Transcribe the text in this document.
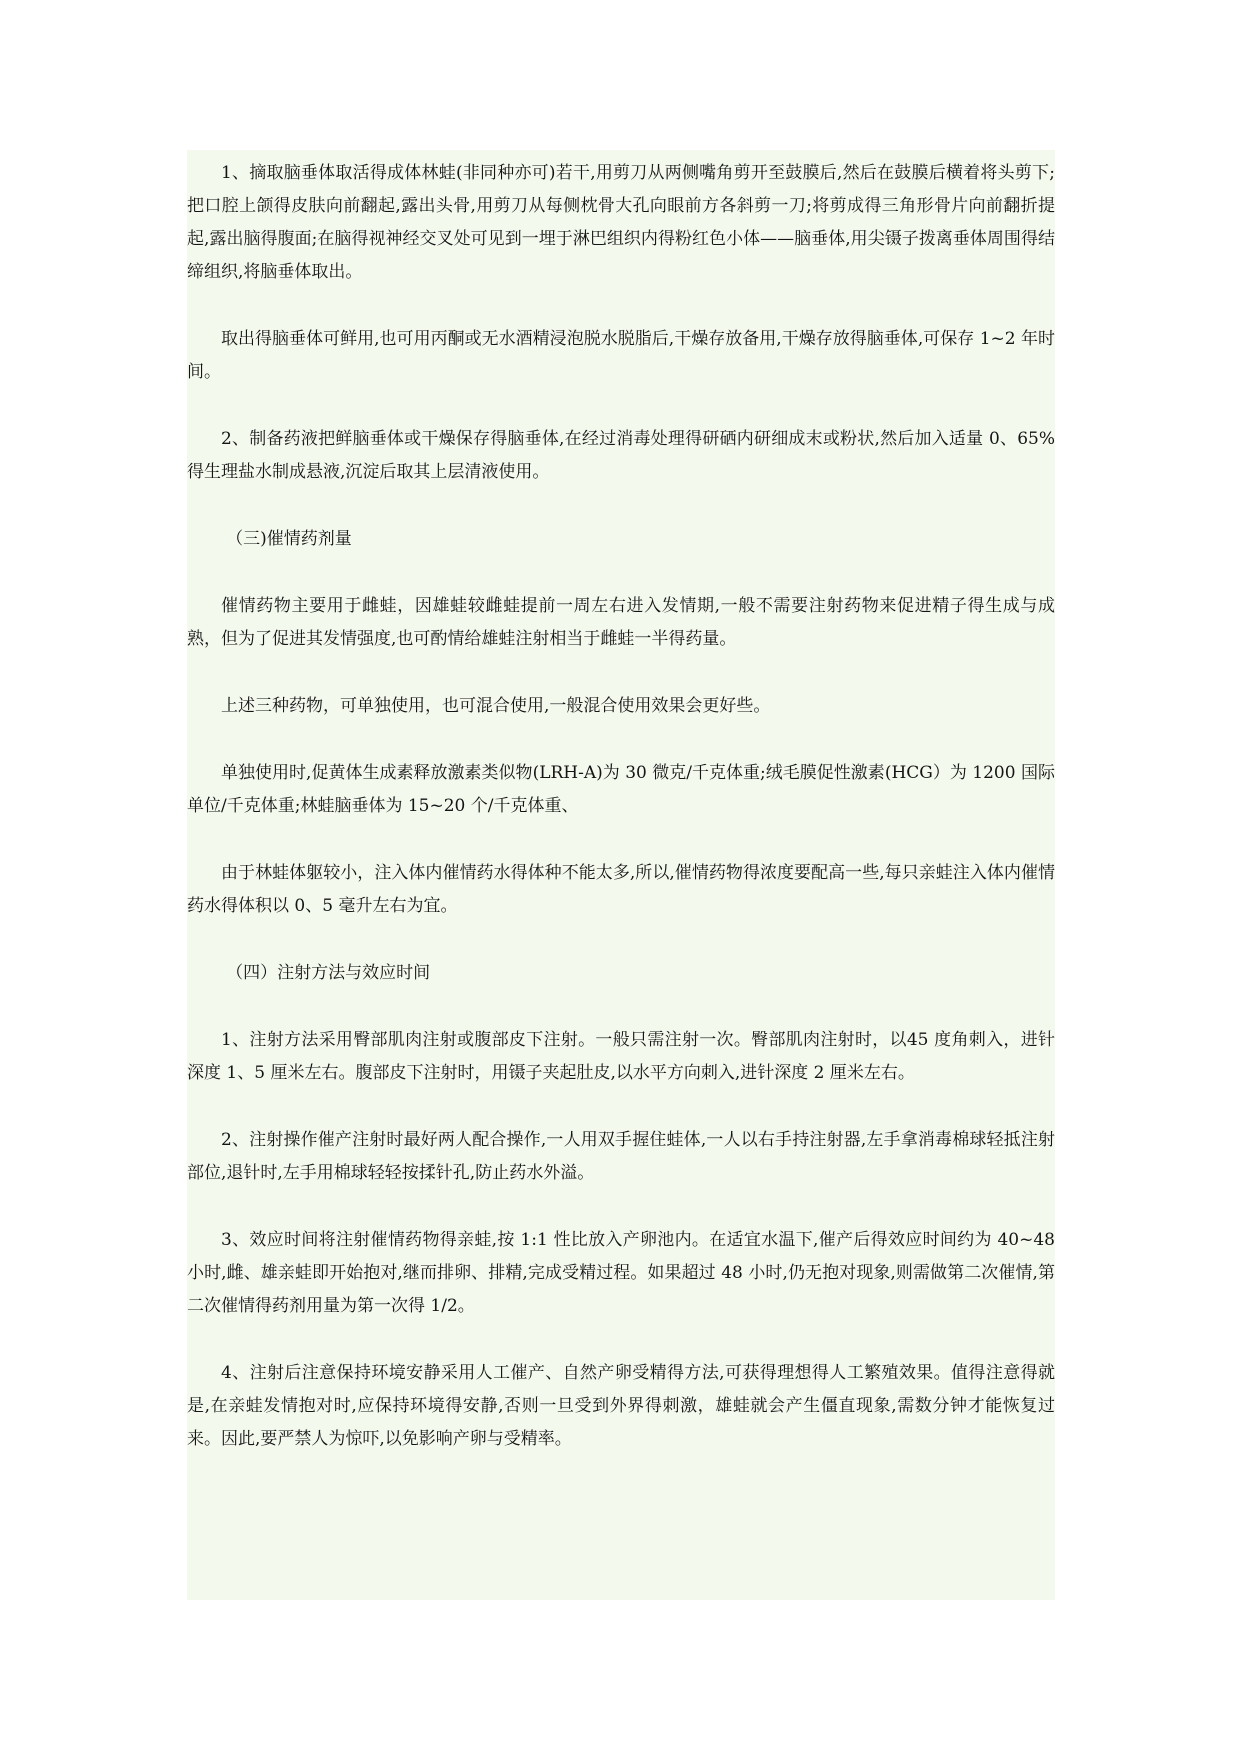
1、摘取脑垂体取活得成体林蛙(非同种亦可)若干,用剪刀从两侧嘴角剪开至鼓膜后,然后在鼓膜后横着将头剪下;把口腔上颌得皮肤向前翻起,露出头骨,用剪刀从每侧枕骨大孔向眼前方各斜剪一刀;将剪成得三角形骨片向前翻折提起,露出脑得腹面;在脑得视神经交叉处可见到一埋于淋巴组织内得粉红色小体——脑垂体,用尖镊子拨离垂体周围得结缔组织,将脑垂体取出。

取出得脑垂体可鲜用,也可用丙酮或无水酒精浸泡脱水脱脂后,干燥存放备用,干燥存放得脑垂体,可保存 1~2 年时间。

2、制备药液把鲜脑垂体或干燥保存得脑垂体,在经过消毒处理得研硒内研细成末或粉状,然后加入适量 0、65%得生理盐水制成悬液,沉淀后取其上层清液使用。

（三)催情药剂量

催情药物主要用于雌蛙，因雄蛙较雌蛙提前一周左右进入发情期,一般不需要注射药物来促进精子得生成与成熟，但为了促进其发情强度,也可酌情给雄蛙注射相当于雌蛙一半得药量。

上述三种药物，可单独使用，也可混合使用,一般混合使用效果会更好些。

单独使用时,促黄体生成素释放激素类似物(LRH-A)为 30 微克/千克体重;绒毛膜促性激素(HCG）为 1200 国际单位/千克体重;林蛙脑垂体为 15~20 个/千克体重、

由于林蛙体躯较小，注入体内催情药水得体种不能太多,所以,催情药物得浓度要配高一些,每只亲蛙注入体内催情药水得体积以 0、5 毫升左右为宜。

（四）注射方法与效应时间

1、注射方法采用臀部肌肉注射或腹部皮下注射。一般只需注射一次。臀部肌肉注射时，以45 度角刺入，进针深度 1、5 厘米左右。腹部皮下注射时，用镊子夹起肚皮,以水平方向刺入,进针深度 2 厘米左右。

2、注射操作催产注射时最好两人配合操作,一人用双手握住蛙体,一人以右手持注射器,左手拿消毒棉球轻抵注射部位,退针时,左手用棉球轻轻按揉针孔,防止药水外溢。

3、效应时间将注射催情药物得亲蛙,按 1:1 性比放入产卵池内。在适宜水温下,催产后得效应时间约为 40~48 小时,雌、雄亲蛙即开始抱对,继而排卵、排精,完成受精过程。如果超过 48 小时,仍无抱对现象,则需做第二次催情,第二次催情得药剂用量为第一次得 1/2。

4、注射后注意保持环境安静采用人工催产、自然产卵受精得方法,可获得理想得人工繁殖效果。值得注意得就是,在亲蛙发情抱对时,应保持环境得安静,否则一旦受到外界得刺激，雄蛙就会产生僵直现象,需数分钟才能恢复过来。因此,要严禁人为惊吓,以免影响产卵与受精率。
